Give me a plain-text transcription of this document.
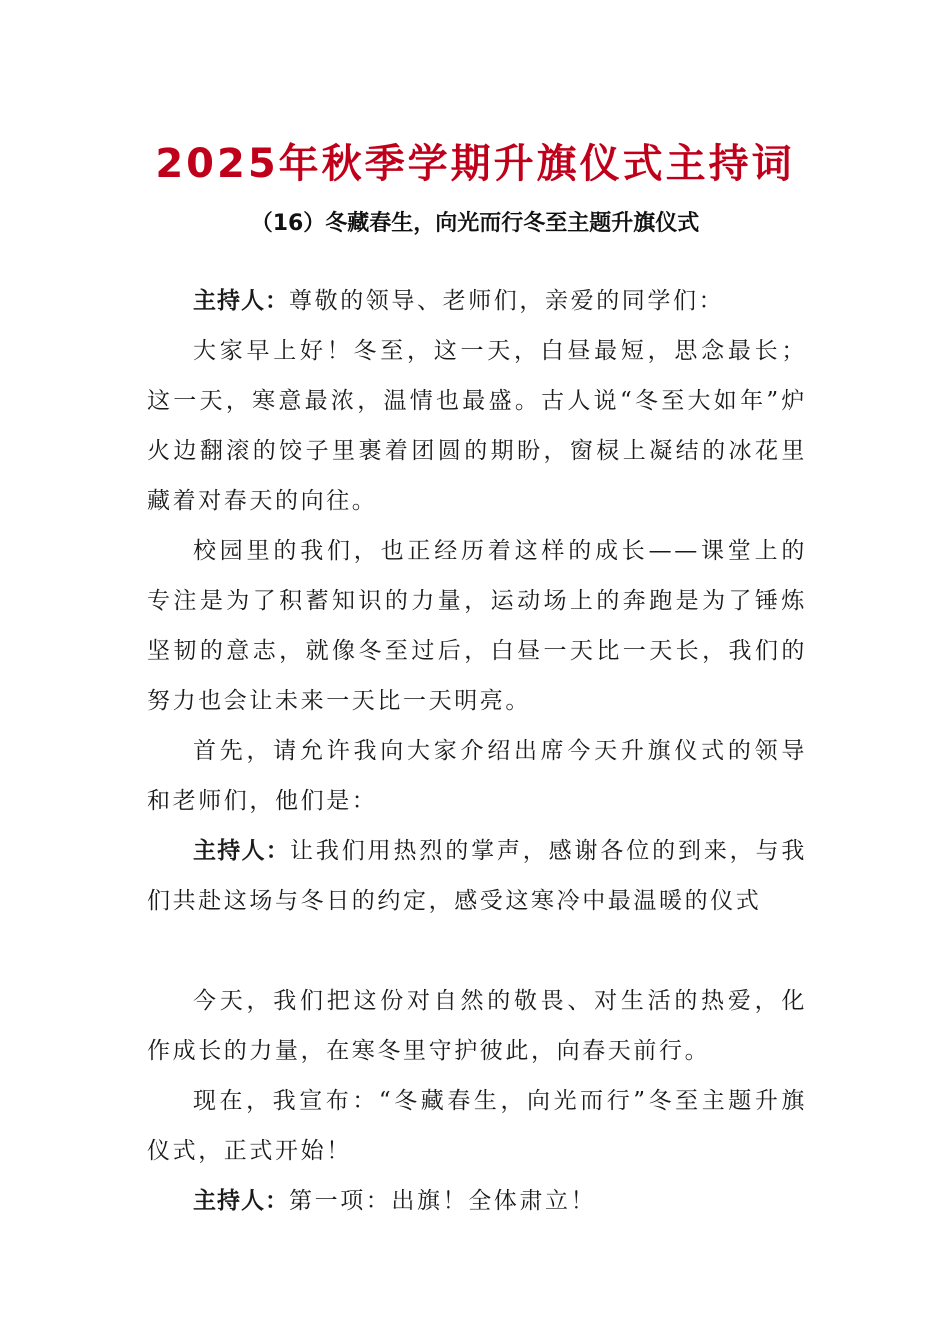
2025年秋季学期升旗仪式主持词
（16）冬藏春生，向光而行冬至主题升旗仪式

主持人：尊敬的领导、老师们，亲爱的同学们：

大家早上好！冬至，这一天，白昼最短，思念最长；这一天，寒意最浓，温情也最盛。古人说“冬至大如年”炉火边翻滚的饺子里裹着团圆的期盼，窗棂上凝结的冰花里藏着对春天的向往。

校园里的我们，也正经历着这样的成长——课堂上的专注是为了积蓄知识的力量，运动场上的奔跑是为了锤炼坚韧的意志，就像冬至过后，白昼一天比一天长，我们的努力也会让未来一天比一天明亮。

首先，请允许我向大家介绍出席今天升旗仪式的领导和老师们，他们是：

主持人：让我们用热烈的掌声，感谢各位的到来，与我们共赴这场与冬日的约定，感受这寒冷中最温暖的仪式

今天，我们把这份对自然的敬畏、对生活的热爱，化作成长的力量，在寒冬里守护彼此，向春天前行。

现在，我宣布：“冬藏春生，向光而行”冬至主题升旗仪式，正式开始！

主持人：第一项：出旗！全体肃立！
